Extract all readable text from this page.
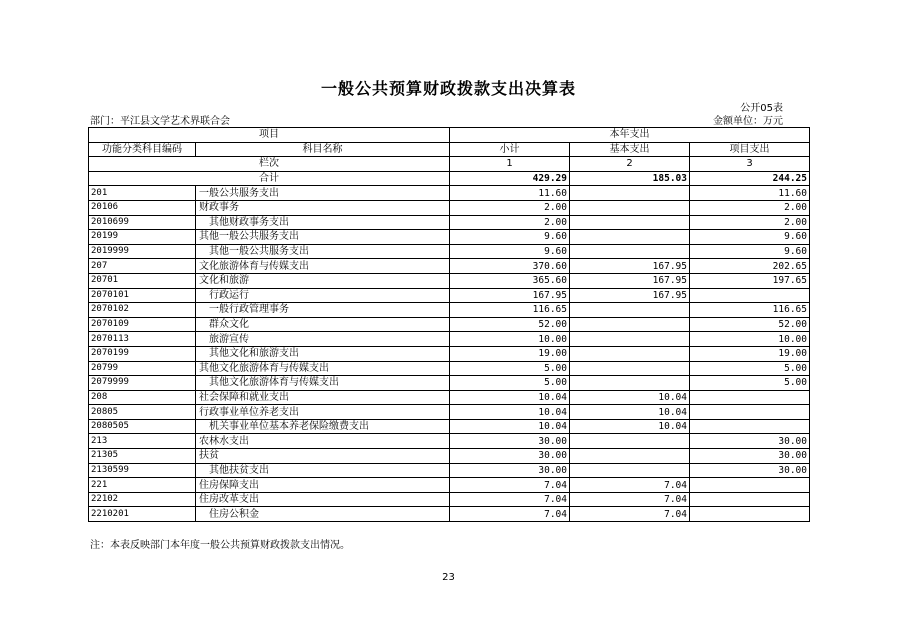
一般公共预算财政拨款支出决算表
公开05表
部门：平江县文学艺术界联合会	金额单位：万元
项目		本年支出		
功能分类科目编码	科目名称	小计	基本支出	项目支出
栏次		1	2	3
合计		429.29	185.03	244.25
201	一般公共服务支出	11.60		11.60
20106	财政事务	2.00		2.00
2010699	其他财政事务支出	2.00		2.00
20199	其他一般公共服务支出	9.60		9.60
2019999	其他一般公共服务支出	9.60		9.60
207	文化旅游体育与传媒支出	370.60	167.95	202.65
20701	文化和旅游	365.60	167.95	197.65
2070101	行政运行	167.95	167.95	
2070102	一般行政管理事务	116.65		116.65
2070109	群众文化	52.00		52.00
2070113	旅游宣传	10.00		10.00
2070199	其他文化和旅游支出	19.00		19.00
20799	其他文化旅游体育与传媒支出	5.00		5.00
2079999	其他文化旅游体育与传媒支出	5.00		5.00
208	社会保障和就业支出	10.04	10.04	
20805	行政事业单位养老支出	10.04	10.04	
2080505	机关事业单位基本养老保险缴费支出	10.04	10.04	
213	农林水支出	30.00		30.00
21305	扶贫	30.00		30.00
2130599	其他扶贫支出	30.00		30.00
221	住房保障支出	7.04	7.04	
22102	住房改革支出	7.04	7.04	
2210201	住房公积金	7.04	7.04	
注：本表反映部门本年度一般公共预算财政拨款支出情况。
23
